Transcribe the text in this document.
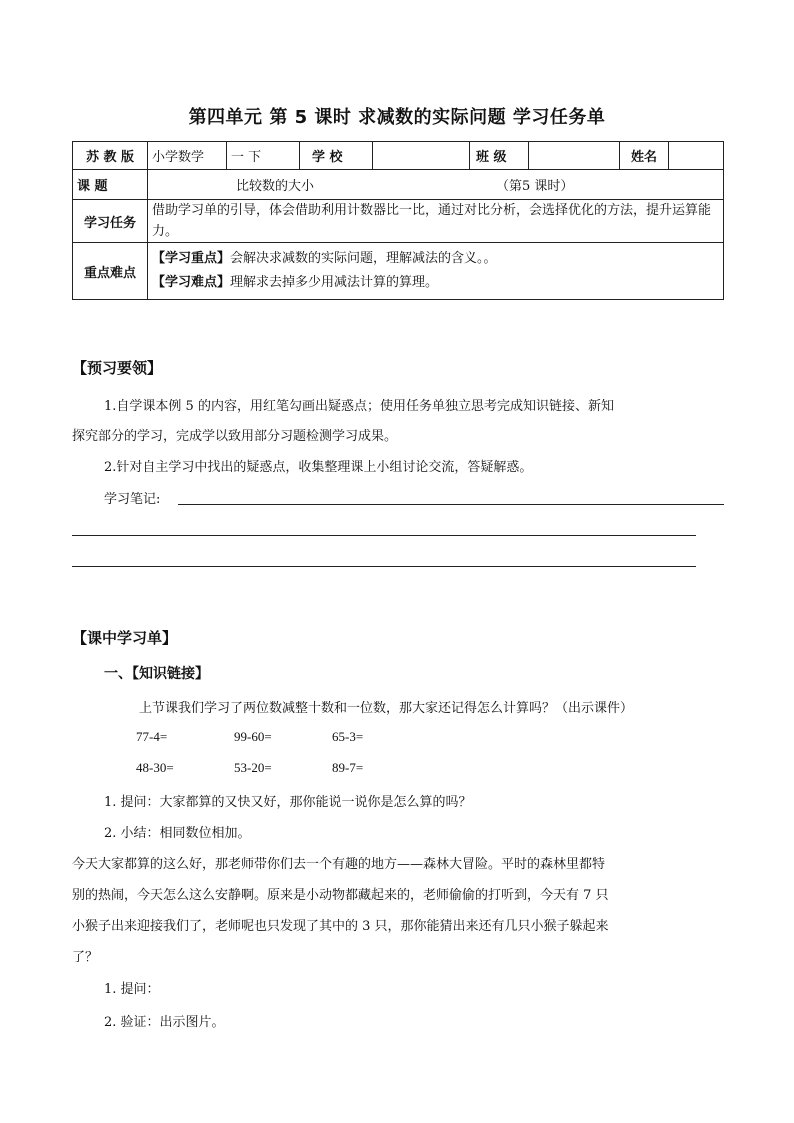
第四单元 第 5 课时 求减数的实际问题 学习任务单
苏 教 版	小学数学	一 下	学 校		班 级		姓名	
课 题	比较数的大小 （第5 课时）							
学习任务	借助学习单的引导，体会借助利用计数器比一比，通过对比分析，会选择优化的方法，提升运算能力。							
重点难点	【学习重点】会解决求减数的实际问题，理解减法的含义。。
【学习难点】理解求去掉多少用减法计算的算理。							
【预习要领】
1.自学课本例 5 的内容，用红笔勾画出疑惑点；使用任务单独立思考完成知识链接、新知
探究部分的学习，完成学以致用部分习题检测学习成果。
2.针对自主学习中找出的疑惑点，收集整理课上小组讨论交流，答疑解惑。
学习笔记:
【课中学习单】
一、【知识链接】
上节课我们学习了两位数减整十数和一位数，那大家还记得怎么计算吗？（出示课件）
77-4=	99-60=	65-3=
48-30=	53-20=	89-7=
1. 提问：大家都算的又快又好，那你能说一说你是怎么算的吗？
2. 小结：相同数位相加。
今天大家都算的这么好，那老师带你们去一个有趣的地方——森林大冒险。平时的森林里都特
别的热闹，今天怎么这么安静啊。原来是小动物都藏起来的，老师偷偷的打听到，今天有 7 只
小猴子出来迎接我们了，老师呢也只发现了其中的 3 只，那你能猜出来还有几只小猴子躲起来
了？
1. 提问：
2. 验证：出示图片。
